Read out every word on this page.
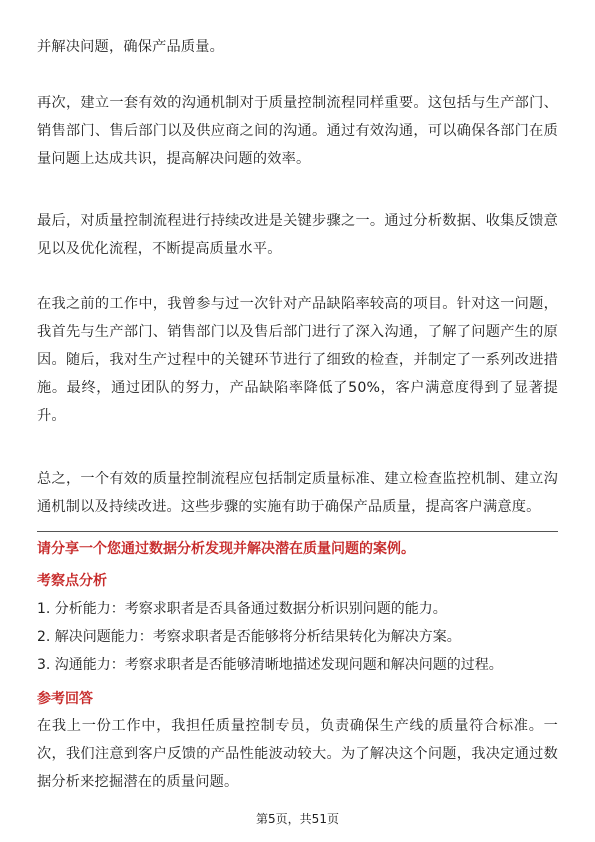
并解决问题，确保产品质量。

再次，建立一套有效的沟通机制对于质量控制流程同样重要。这包括与生产部门、销售部门、售后部门以及供应商之间的沟通。通过有效沟通，可以确保各部门在质量问题上达成共识，提高解决问题的效率。

最后，对质量控制流程进行持续改进是关键步骤之一。通过分析数据、收集反馈意见以及优化流程，不断提高质量水平。

在我之前的工作中，我曾参与过一次针对产品缺陷率较高的项目。针对这一问题，我首先与生产部门、销售部门以及售后部门进行了深入沟通，了解了问题产生的原因。随后，我对生产过程中的关键环节进行了细致的检查，并制定了一系列改进措施。最终，通过团队的努力，产品缺陷率降低了50%，客户满意度得到了显著提升。

总之，一个有效的质量控制流程应包括制定质量标准、建立检查监控机制、建立沟通机制以及持续改进。这些步骤的实施有助于确保产品质量，提高客户满意度。

请分享一个您通过数据分析发现并解决潜在质量问题的案例。

考察点分析

1. 分析能力：考察求职者是否具备通过数据分析识别问题的能力。

2. 解决问题能力：考察求职者是否能够将分析结果转化为解决方案。

3. 沟通能力：考察求职者是否能够清晰地描述发现问题和解决问题的过程。

参考回答

在我上一份工作中，我担任质量控制专员，负责确保生产线的质量符合标准。一次，我们注意到客户反馈的产品性能波动较大。为了解决这个问题，我决定通过数据分析来挖掘潜在的质量问题。

第5页，共51页
